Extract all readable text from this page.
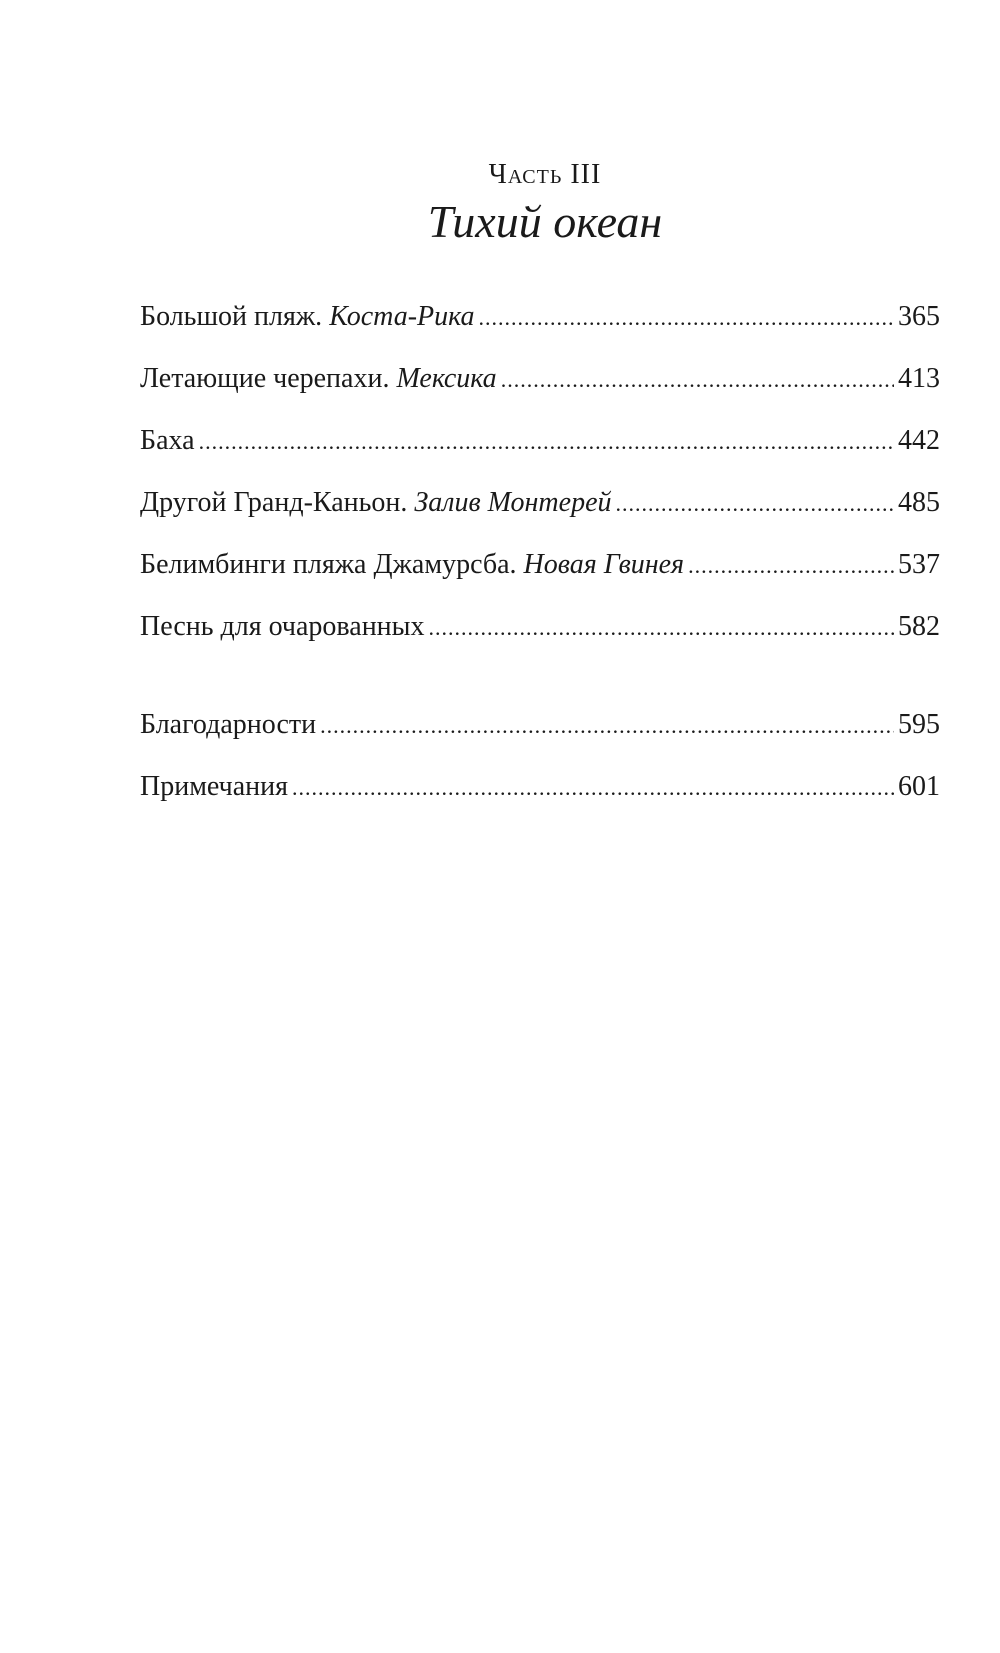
Часть III
Тихий океан
Большой пляж. Коста-Рика .....	365
Летающие черепахи. Мексика .....	413
Баха .....	442
Другой Гранд-Каньон. Залив Монтерей .....	485
Белимбинги пляжа Джамурсба. Новая Гвинея .....	537
Песнь для очарованных .....	582
Благодарности .....	595
Примечания .....	601
